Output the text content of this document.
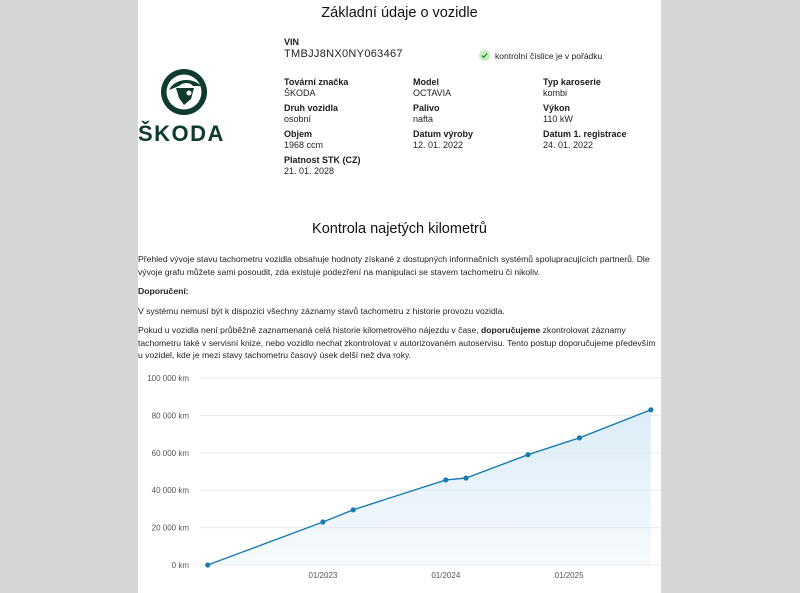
Základní údaje o vozidle
ŠKODA
VIN
TMBJJ8NX0NY063467	kontrolní číslice je v pořádku
Tovární značka
ŠKODA
Model
OCTAVIA
Typ karoserie
kombi
Druh vozidla
osobní
Palivo
nafta
Výkon
110 kW
Objem
1968 ccm
Datum výroby
12. 01. 2022
Datum 1. registrace
24. 01. 2022
Platnost STK (CZ)
21. 01. 2028
Kontrola najetých kilometrů
Přehled vývoje stavu tachometru vozidla obsahuje hodnoty získané z dostupných informačních systémů spolupracujících partnerů. Dle vývoje grafu můžete sami posoudit, zda existuje podezření na manipulaci se stavem tachometru či nikoliv.
Doporučení:
V systému nemusí být k dispozici všechny záznamy stavů tachometru z historie provozu vozidla.
Pokud u vozidla není průběžně zaznamenaná celá historie kilometrového nájezdu v čase, doporučujeme zkontrolovat záznamy tachometru také v servisní knize, nebo vozidlo nechat zkontrolovat v autorizovaném autoservisu. Tento postup doporučujeme především u vozidel, kde je mezi stavy tachometru časový úsek delší než dva roky.
0 km
20 000 km
40 000 km
60 000 km
80 000 km
100 000 km
01/2023	01/2024	01/2025
